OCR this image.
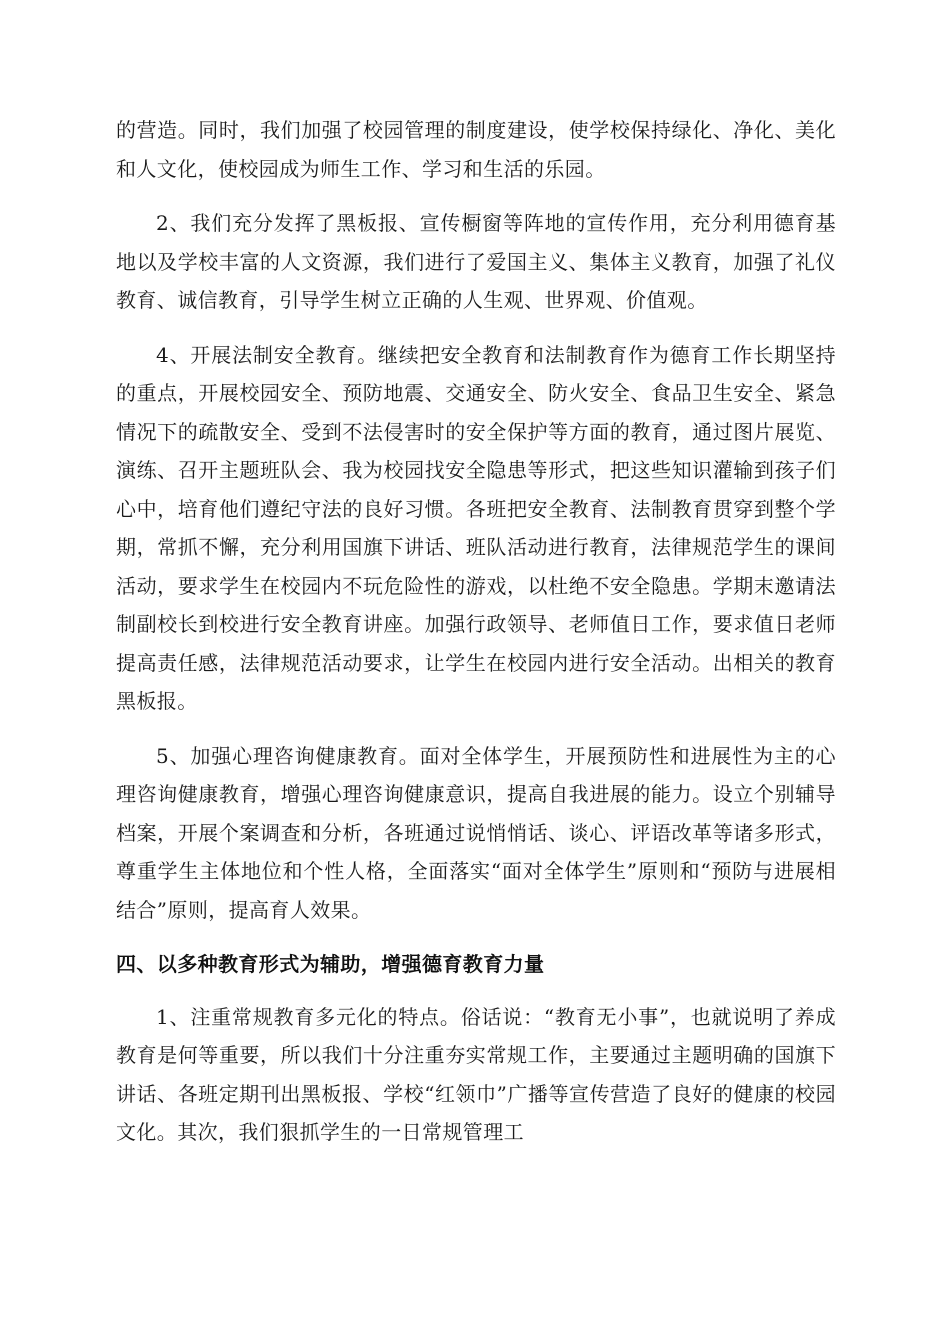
的营造。同时，我们加强了校园管理的制度建设，使学校保持绿化、净化、美化和人文化，使校园成为师生工作、学习和生活的乐园。

2、我们充分发挥了黑板报、宣传橱窗等阵地的宣传作用，充分利用德育基地以及学校丰富的人文资源，我们进行了爱国主义、集体主义教育，加强了礼仪教育、诚信教育，引导学生树立正确的人生观、世界观、价值观。

4、开展法制安全教育。继续把安全教育和法制教育作为德育工作长期坚持的重点，开展校园安全、预防地震、交通安全、防火安全、食品卫生安全、紧急情况下的疏散安全、受到不法侵害时的安全保护等方面的教育，通过图片展览、演练、召开主题班队会、我为校园找安全隐患等形式，把这些知识灌输到孩子们心中，培育他们遵纪守法的良好习惯。各班把安全教育、法制教育贯穿到整个学期，常抓不懈，充分利用国旗下讲话、班队活动进行教育，法律规范学生的课间活动，要求学生在校园内不玩危险性的游戏，以杜绝不安全隐患。学期末邀请法制副校长到校进行安全教育讲座。加强行政领导、老师值日工作，要求值日老师提高责任感，法律规范活动要求，让学生在校园内进行安全活动。出相关的教育黑板报。

5、加强心理咨询健康教育。面对全体学生，开展预防性和进展性为主的心理咨询健康教育，增强心理咨询健康意识，提高自我进展的能力。设立个别辅导档案，开展个案调查和分析，各班通过说悄悄话、谈心、评语改革等诸多形式，尊重学生主体地位和个性人格，全面落实“面对全体学生”原则和“预防与进展相结合”原则，提高育人效果。

四、以多种教育形式为辅助，增强德育教育力量

1、注重常规教育多元化的特点。俗话说：“教育无小事”，也就说明了养成教育是何等重要，所以我们十分注重夯实常规工作，主要通过主题明确的国旗下讲话、各班定期刊出黑板报、学校“红领巾”广播等宣传营造了良好的健康的校园文化。其次，我们狠抓学生的一日常规管理工
